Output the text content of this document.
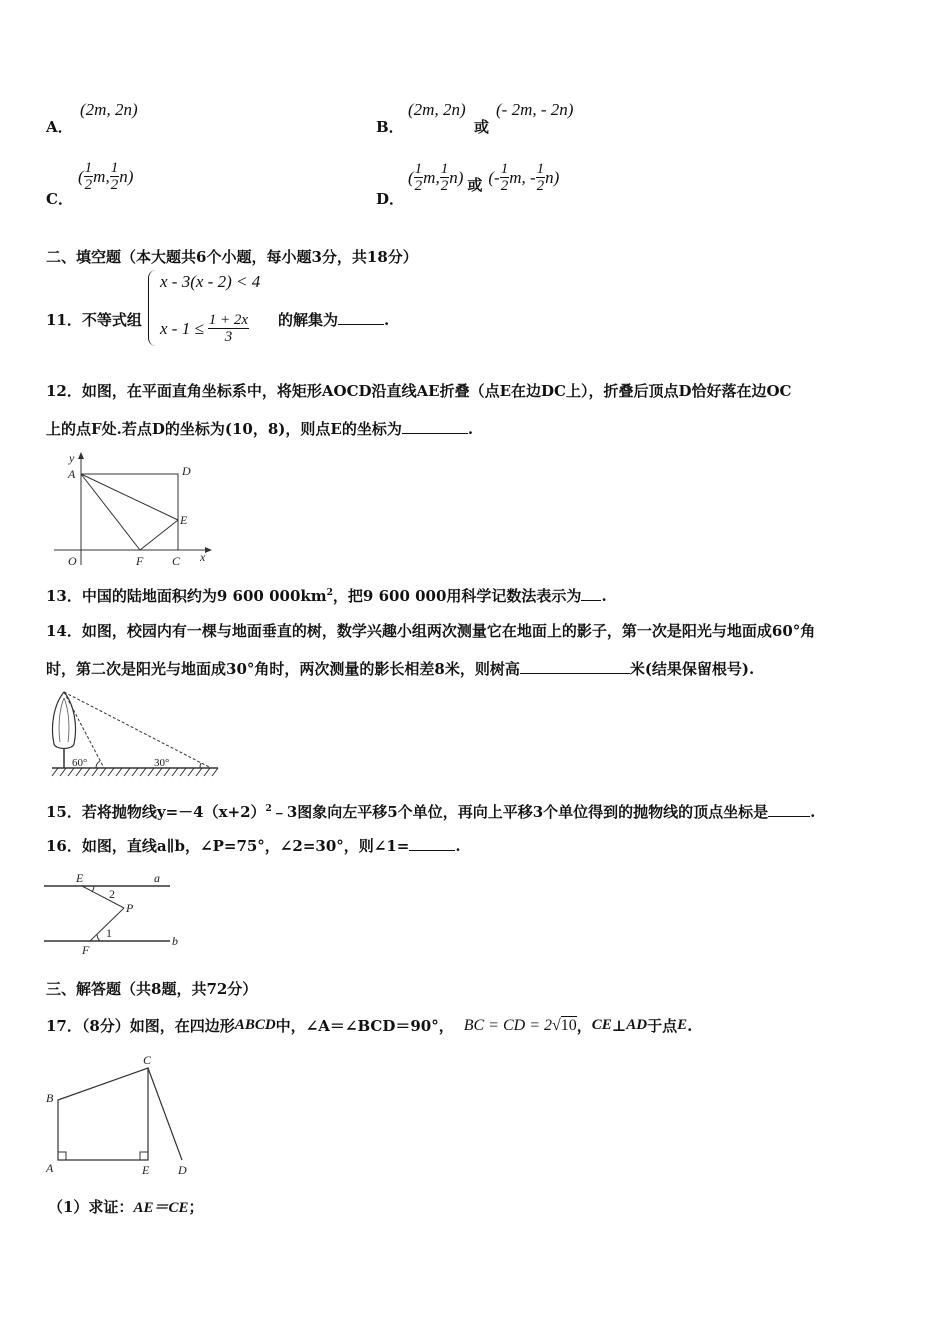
A．
(2m, 2n)
B．
(2m, 2n)
或
(- 2m, - 2n)
C．
( $\frac{1}{2} m$, $\frac{1}{2} n$)
D．
( $\frac{1}{2} m$, $\frac{1}{2} n$) 或 (- $\frac{1}{2} m$, - $\frac{1}{2} n$)
二、填空题（本大题共6个小题，每小题3分，共18分）
11．不等式组
x - 3(x - 2) < 4
$x - 1 \le \frac{1 + 2x}{3}$ 的解集为	.
12．如图，在平面直角坐标系中，将矩形AOCD沿直线AE折叠（点E在边DC上），折叠后顶点D恰好落在边OC
上的点F处.若点D的坐标为(10，8)，则点E的坐标为	.
y
A	D
E
O	F C x
13．中国的陆地面积约为9 600 $000km^2$，把9 600 000用科学记数法表示为 .
14．如图，校园内有一棵与地面垂直的树，数学兴趣小组两次测量它在地面上的影子，第一次是阳光与地面成60°角
时，第二次是阳光与地面成30°角时，两次测量的影长相差8米，则树高	米(结果保留根号).
60°	30°
15．若将抛物线$y=-4(x+2)^2﹣3$图象向左平移5个单位，再向上平移3个单位得到的抛物线的顶点坐标是	.
16．如图，直线a∥b，∠P=75°，∠2=30°，则∠1=	.
E	a
2
P
1
F
b
三、解答题（共8题，共72分）
17．（8分）如图，在四边形 ABCD 中，∠A＝∠BCD＝90°， BC = CD = 2 √ 10 ， CE ⊥ AD 于点 E .
B
C
A	E D
（1）求证：AE＝CE；
